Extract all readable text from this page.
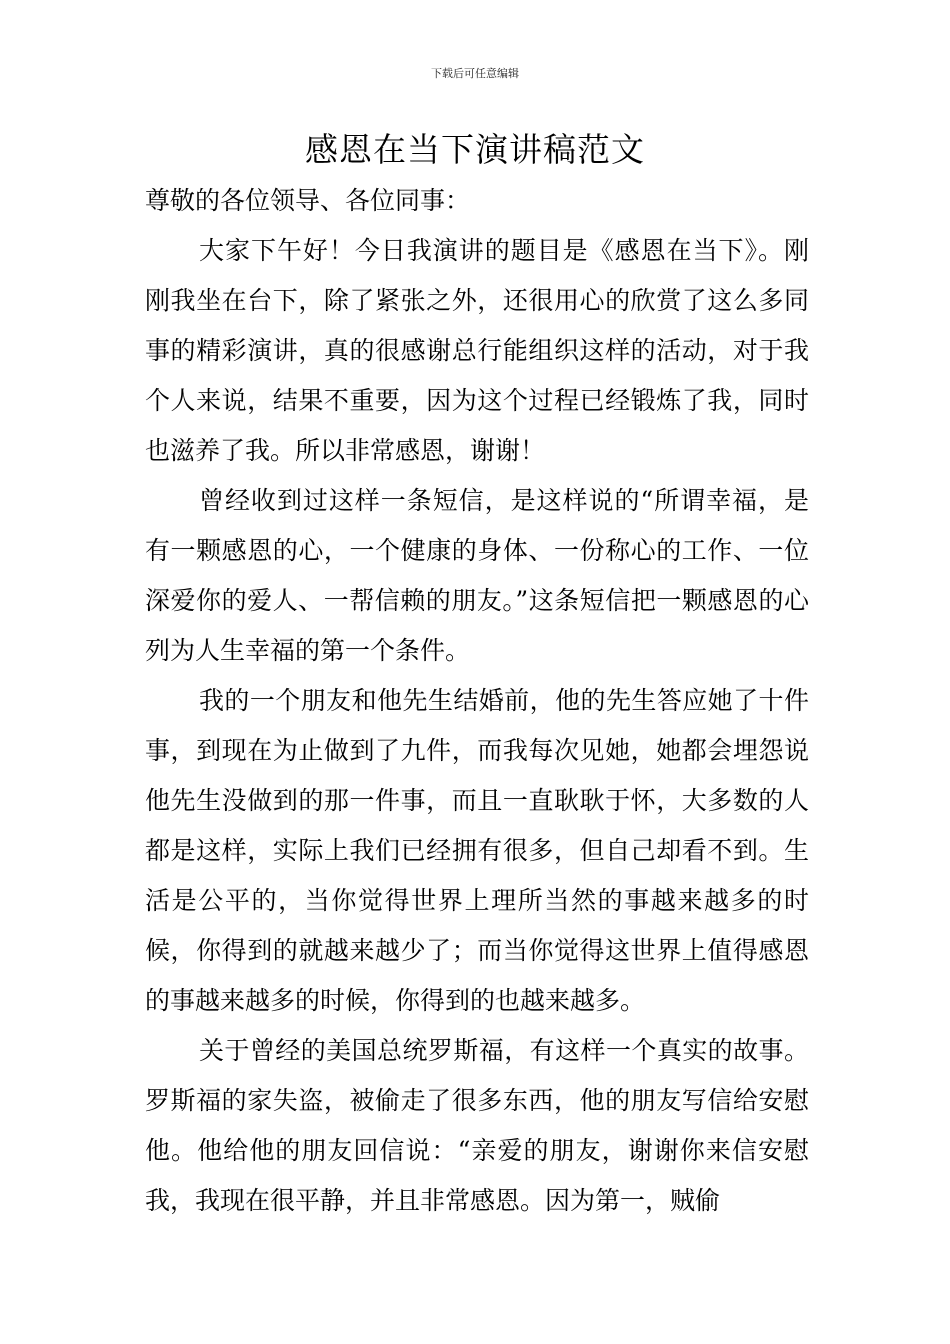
下载后可任意编辑
感恩在当下演讲稿范文

尊敬的各位领导、各位同事：

大家下午好！今日我演讲的题目是《感恩在当下》。刚刚我坐在台下，除了紧张之外，还很用心的欣赏了这么多同事的精彩演讲，真的很感谢总行能组织这样的活动，对于我个人来说，结果不重要，因为这个过程已经锻炼了我，同时也滋养了我。所以非常感恩，谢谢！

曾经收到过这样一条短信，是这样说的“所谓幸福，是有一颗感恩的心，一个健康的身体、一份称心的工作、一位深爱你的爱人、一帮信赖的朋友。”这条短信把一颗感恩的心列为人生幸福的第一个条件。

我的一个朋友和他先生结婚前，他的先生答应她了十件事，到现在为止做到了九件，而我每次见她，她都会埋怨说他先生没做到的那一件事，而且一直耿耿于怀，大多数的人都是这样，实际上我们已经拥有很多，但自己却看不到。生活是公平的，当你觉得世界上理所当然的事越来越多的时候，你得到的就越来越少了；而当你觉得这世界上值得感恩的事越来越多的时候，你得到的也越来越多。

关于曾经的美国总统罗斯福，有这样一个真实的故事。罗斯福的家失盗，被偷走了很多东西，他的朋友写信给安慰他。他给他的朋友回信说：“亲爱的朋友，谢谢你来信安慰我，我现在很平静，并且非常感恩。因为第一，贼偷
